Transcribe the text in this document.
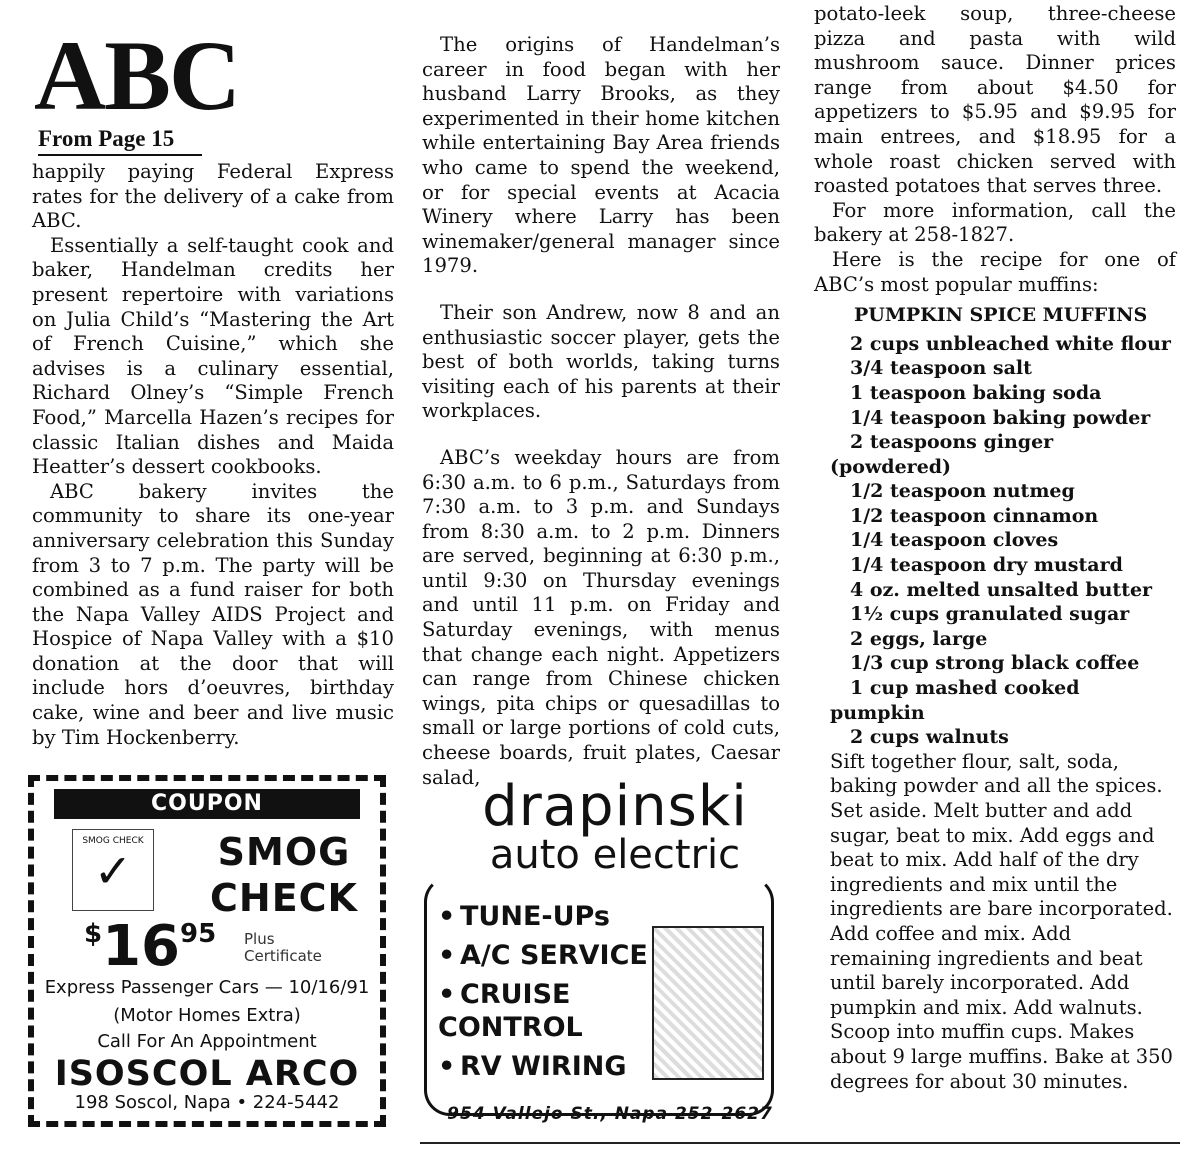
ABC
From Page 15

happily paying Federal Express rates for the delivery of a cake from ABC.

Essentially a self-taught cook and baker, Handelman credits her present repertoire with variations on Julia Child’s “Mastering the Art of French Cuisine,” which she advises is a culinary essential, Richard Olney’s “Simple French Food,” Marcella Hazen’s recipes for classic Italian dishes and Maida Heatter’s dessert cookbooks.

ABC bakery invites the community to share its one-year anniversary celebration this Sunday from 3 to 7 p.m. The party will be combined as a fund raiser for both the Napa Valley AIDS Project and Hospice of Napa Valley with a $10 donation at the door that will include hors d’oeuvres, birthday cake, wine and beer and live music by Tim Hockenberry.

The origins of Handelman’s career in food began with her husband Larry Brooks, as they experimented in their home kitchen while entertaining Bay Area friends who came to spend the weekend, or for special events at Acacia Winery where Larry has been winemaker/general manager since 1979.

Their son Andrew, now 8 and an enthusiastic soccer player, gets the best of both worlds, taking turns visiting each of his parents at their workplaces.

ABC’s weekday hours are from 6:30 a.m. to 6 p.m., Saturdays from 7:30 a.m. to 3 p.m. and Sundays from 8:30 a.m. to 2 p.m. Dinners are served, beginning at 6:30 p.m., until 9:30 on Thursday evenings and until 11 p.m. on Friday and Saturday evenings, with menus that change each night. Appetizers can range from Chinese chicken wings, pita chips or quesadillas to small or large portions of cold cuts, cheese boards, fruit plates, Caesar salad,

potato-leek soup, three-cheese pizza and pasta with wild mushroom sauce. Dinner prices range from about $4.50 for appetizers to $5.95 and $9.95 for main entrees, and $18.95 for a whole roast chicken served with roasted potatoes that serves three.

For more information, call the bakery at 258-1827.

Here is the recipe for one of ABC’s most popular muffins:

PUMPKIN SPICE MUFFINS
2 cups unbleached white flour
3/4 teaspoon salt
1 teaspoon baking soda
1/4 teaspoon baking powder
2 teaspoons ginger
(powdered)
1/2 teaspoon nutmeg
1/2 teaspoon cinnamon
1/4 teaspoon cloves
1/4 teaspoon dry mustard
4 oz. melted unsalted butter
1½ cups granulated sugar
2 eggs, large
1/3 cup strong black coffee
1 cup mashed cooked
pumpkin
2 cups walnuts
Sift together flour, salt, soda, baking powder and all the spices. Set aside. Melt butter and add sugar, beat to mix. Add eggs and beat to mix. Add half of the dry ingredients and mix until the ingredients are bare incorporated. Add coffee and mix. Add remaining ingredients and beat until barely incorporated. Add pumpkin and mix. Add walnuts. Scoop into muffin cups. Makes about 9 large muffins. Bake at 350 degrees for about 30 minutes.
COUPON
SMOG CHECK
✓	SMOG
CHECK
$1695 Plus
Certificate
Express Passenger Cars — 10/16/91
(Motor Homes Extra)
Call For An Appointment
ISOSCOL ARCO
198 Soscol, Napa • 224-5442
drapinski
auto electric
• TUNE-UPs
• A/C SERVICE
• CRUISE
CONTROL
• RV WIRING
954 Vallejo St., Napa 252-2627
